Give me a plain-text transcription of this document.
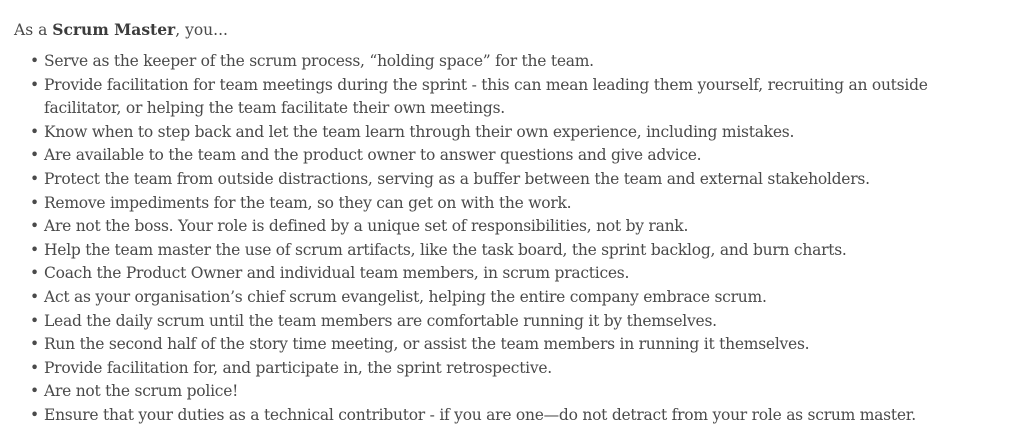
As a Scrum Master, you...

• Serve as the keeper of the scrum process, “holding space” for the team.
• Provide facilitation for team meetings during the sprint - this can mean leading them yourself, recruiting an outside facilitator, or helping the team facilitate their own meetings.
• Know when to step back and let the team learn through their own experience, including mistakes.
• Are available to the team and the product owner to answer questions and give advice.
• Protect the team from outside distractions, serving as a buffer between the team and external stakeholders.
• Remove impediments for the team, so they can get on with the work.
• Are not the boss. Your role is defined by a unique set of responsibilities, not by rank.
• Help the team master the use of scrum artifacts, like the task board, the sprint backlog, and burn charts.
• Coach the Product Owner and individual team members, in scrum practices.
• Act as your organisation’s chief scrum evangelist, helping the entire company embrace scrum.
• Lead the daily scrum until the team members are comfortable running it by themselves.
• Run the second half of the story time meeting, or assist the team members in running it themselves.
• Provide facilitation for, and participate in, the sprint retrospective.
• Are not the scrum police!
• Ensure that your duties as a technical contributor - if you are one—do not detract from your role as scrum master.
